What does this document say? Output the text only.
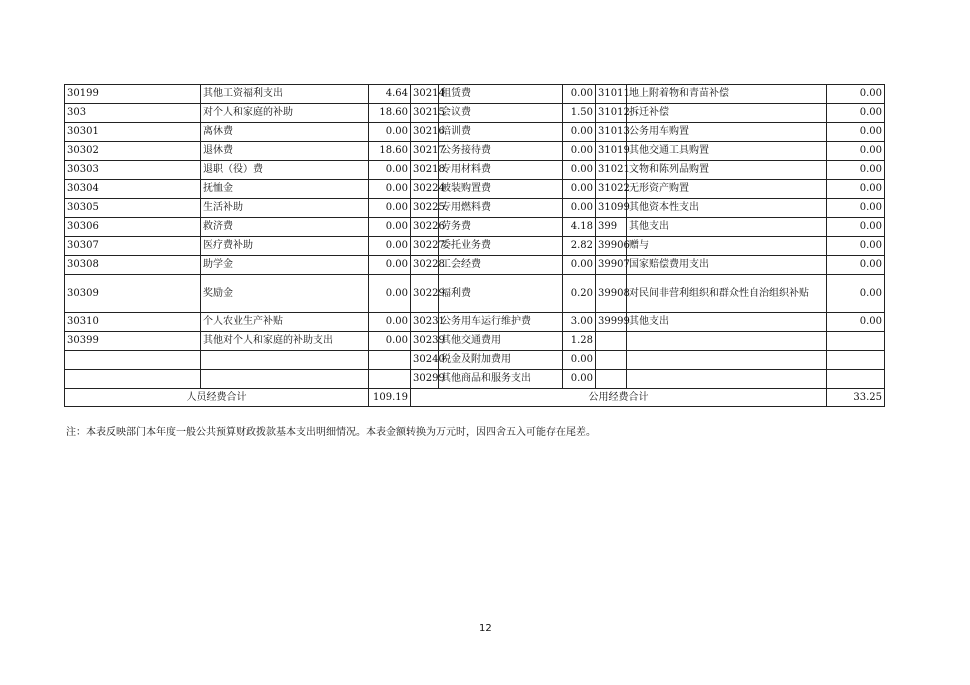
30199	其他工资福利支出	4.64	30214	租赁费	0.00	31011	地上附着物和青苗补偿	0.00
303	对个人和家庭的补助	18.60	30215	会议费	1.50	31012	拆迁补偿	0.00
30301	离休费	0.00	30216	培训费	0.00	31013	公务用车购置	0.00
30302	退休费	18.60	30217	公务接待费	0.00	31019	其他交通工具购置	0.00
30303	退职（役）费	0.00	30218	专用材料费	0.00	31021	文物和陈列品购置	0.00
30304	抚恤金	0.00	30224	被装购置费	0.00	31022	无形资产购置	0.00
30305	生活补助	0.00	30225	专用燃料费	0.00	31099	其他资本性支出	0.00
30306	救济费	0.00	30226	劳务费	4.18	399	其他支出	0.00
30307	医疗费补助	0.00	30227	委托业务费	2.82	39906	赠与	0.00
30308	助学金	0.00	30228	工会经费	0.00	39907	国家赔偿费用支出	0.00
30309	奖励金	0.00	30229	福利费	0.20	39908	对民间非营利组织和群众性自治组织补贴	0.00
30310	个人农业生产补贴	0.00	30231	公务用车运行维护费	3.00	39999	其他支出	0.00
30399	其他对个人和家庭的补助支出	0.00	30239	其他交通费用	1.28			
			30240	税金及附加费用	0.00			
			30299	其他商品和服务支出	0.00			
人员经费合计		109.19	公用经费合计					33.25
注：本表反映部门本年度一般公共预算财政拨款基本支出明细情况。本表金额转换为万元时，因四舍五入可能存在尾差。
12
